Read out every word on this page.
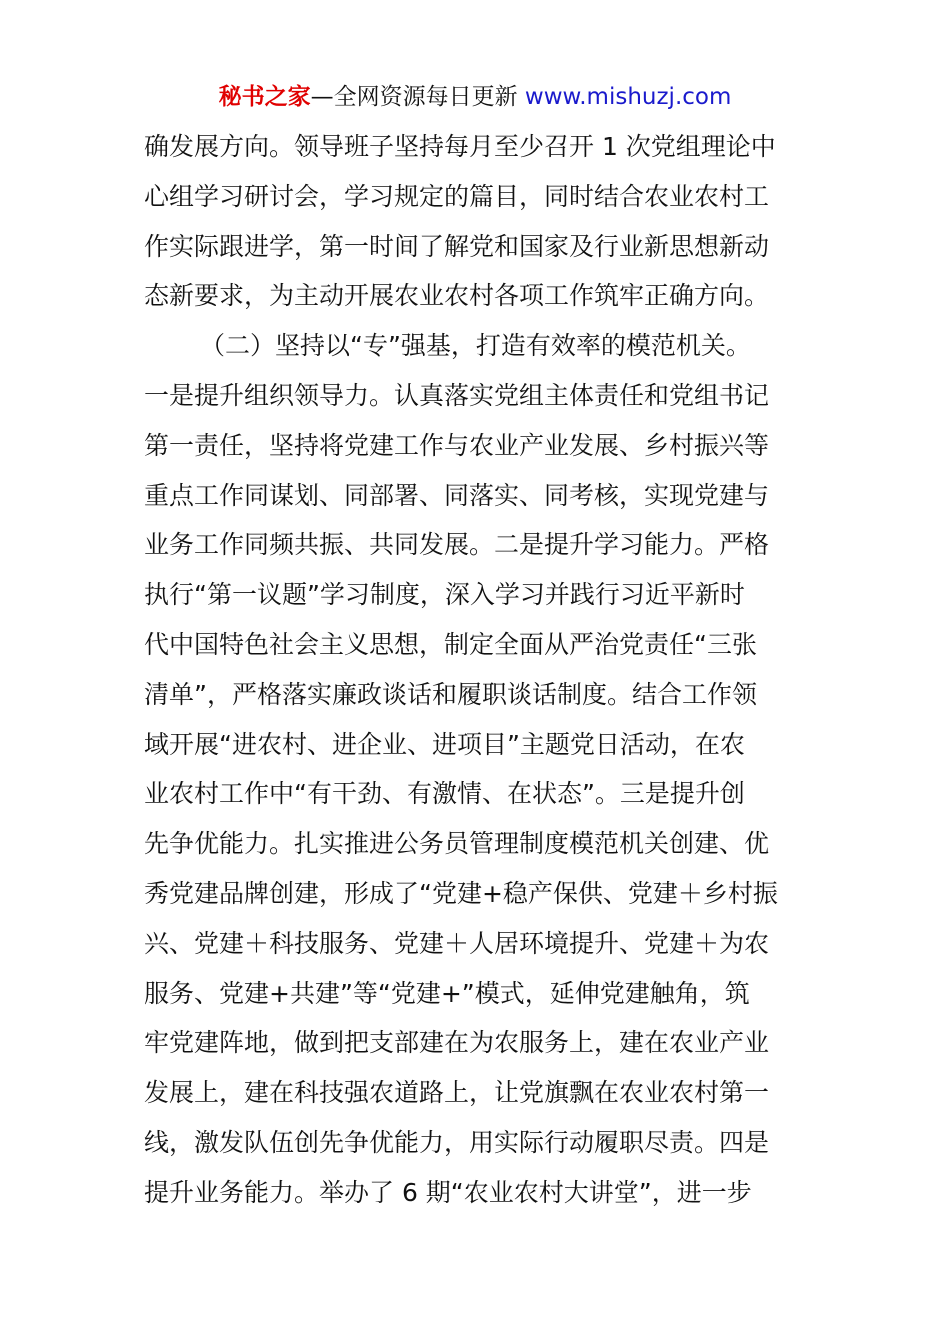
秘书之家—全网资源每日更新 www.mishuzj.com
确发展方向。领导班子坚持每月至少召开 1 次党组理论中
心组学习研讨会，学习规定的篇目，同时结合农业农村工
作实际跟进学，第一时间了解党和国家及行业新思想新动
态新要求，为主动开展农业农村各项工作筑牢正确方向。
（二）坚持以“专”强基，打造有效率的模范机关。
一是提升组织领导力。认真落实党组主体责任和党组书记
第一责任，坚持将党建工作与农业产业发展、乡村振兴等
重点工作同谋划、同部署、同落实、同考核，实现党建与
业务工作同频共振、共同发展。二是提升学习能力。严格
执行“第一议题”学习制度，深入学习并践行习近平新时
代中国特色社会主义思想，制定全面从严治党责任“三张
清单”，严格落实廉政谈话和履职谈话制度。结合工作领
域开展“进农村、进企业、进项目”主题党日活动，在农
业农村工作中“有干劲、有激情、在状态”。三是提升创
先争优能力。扎实推进公务员管理制度模范机关创建、优
秀党建品牌创建，形成了“党建+稳产保供、党建＋乡村振
兴、党建＋科技服务、党建＋人居环境提升、党建＋为农
服务、党建+共建”等“党建+”模式，延伸党建触角，筑
牢党建阵地，做到把支部建在为农服务上，建在农业产业
发展上，建在科技强农道路上，让党旗飘在农业农村第一
线，激发队伍创先争优能力，用实际行动履职尽责。四是
提升业务能力。举办了 6 期“农业农村大讲堂”，进一步
